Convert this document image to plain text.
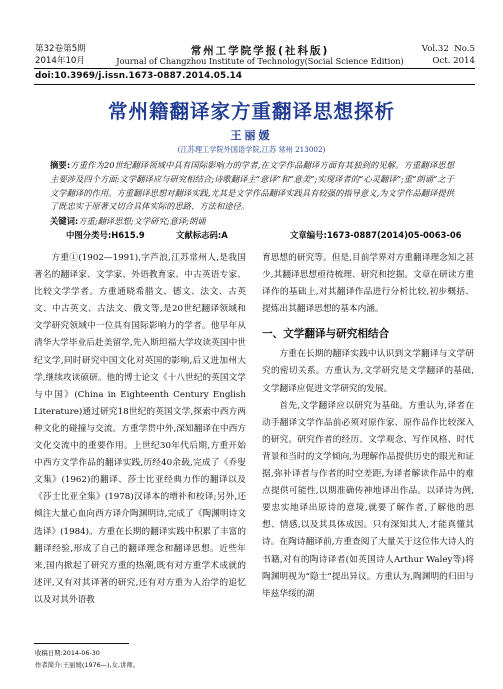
第32卷第5期
2014年10月
常州工学院学报(社科版)
Journal of Changzhou Institute of Technology(Social Science Edition)
Vol.32  No.5
Oct. 2014
doi:10.3969/j.issn.1673-0887.2014.05.14
常州籍翻译家方重翻译思想探析
王丽媛
(江苏理工学院外国语学院,江苏 常州 213002)
摘要:方重作为20世纪翻译领域中具有国际影响力的学者,在文学作品翻译方面有其独到的见解。方重翻译思想主要涉及四个方面:文学翻译应与研究相结合;诗歌翻译主“意译”和“意美”;实现译者的“心灵翻译”;重“朗诵”之于文学翻译的作用。方重翻译思想对翻译实践,尤其是文学作品翻译实践具有较强的指导意义,为文学作品翻译提供了既忠实于原著又切合具体实际的思路、方法和途径。
关键词:方重;翻译思想;文学研究;意译;朗诵
中图分类号:H615.9	文献标志码:A	文章编号:1673-0887(2014)05-0063-06

方重①(1902—1991),字芦浪,江苏常州人,是我国著名的翻译家、文学家、外语教育家、中古英语专家、比较文学学者。方重通晓希腊文、德文、法文、古英文、中古英文、古法文、俄文等,是20世纪翻译领域和文学研究领域中一位具有国际影响力的学者。他早年从清华大学毕业后赴美留学,先入斯坦福大学攻读英国中世纪文学,同时研究中国文化对英国的影响,后又进加州大学,继续攻读硕研。他的博士论文《十八世纪的英国文学与中国》(China in Eighteenth Century English Literature)通过研究18世纪的英国文学,探索中西方两种文化的碰撞与交流。方重学贯中外,深知翻译在中西方文化交流中的重要作用。上世纪30年代后期,方重开始中西方文学作品的翻译实践,历经40余载,完成了《乔叟文集》(1962)的翻译、莎士比亚经典力作的翻译以及《莎士比亚全集》(1978)汉译本的增补和校译;另外,还倾注大量心血向西方译介陶渊明诗,完成了《陶渊明诗文选译》(1984)。方重在长期的翻译实践中积累了丰富的翻译经验,形成了自己的翻译理念和翻译思想。近些年来,国内掀起了研究方重的热潮,既有对方重学术成就的述评,又有对其译著的研究,还有对方重为人治学的追忆以及对其外语教

育思想的研究等。但是,目前学界对方重翻译理念知之甚少,其翻译思想亟待梳理、研究和挖掘。文章在研读方重译作的基础上,对其翻译作品进行分析比较,初步概括、提炼出其翻译思想的基本内涵。

一、文学翻译与研究相结合

方重在长期的翻译实践中认识到文学翻译与文学研究的密切关系。方重认为,文学研究是文学翻译的基础,文学翻译应促进文学研究的发展。

首先,文学翻译应以研究为基础。方重认为,译者在动手翻译文学作品前必须对原作家、原作品作比较深入的研究。研究作者的经历、文学观念、写作风格、时代背景和当时的文学倾向,为理解作品提供历史的眼光和证据,弥补译者与作者的时空差距,为译者解读作品中的难点提供可能性,以期准确传神地译出作品。以译诗为例,要忠实地译出原诗的意境,就要了解作者,了解他的思想、情感,以及其具体成因。只有深知其人,才能真懂其诗。在陶诗翻译前,方重查阅了大量关于这位伟大诗人的书籍,对有的陶诗译者(如英国诗人Arthur Waley等)将陶渊明视为“隐士”提出异议。方重认为,陶渊明的归田与毕兹华绥的湖

收稿日期:2014-06-30
作者简介:王丽媛(1976—),女,讲师。
